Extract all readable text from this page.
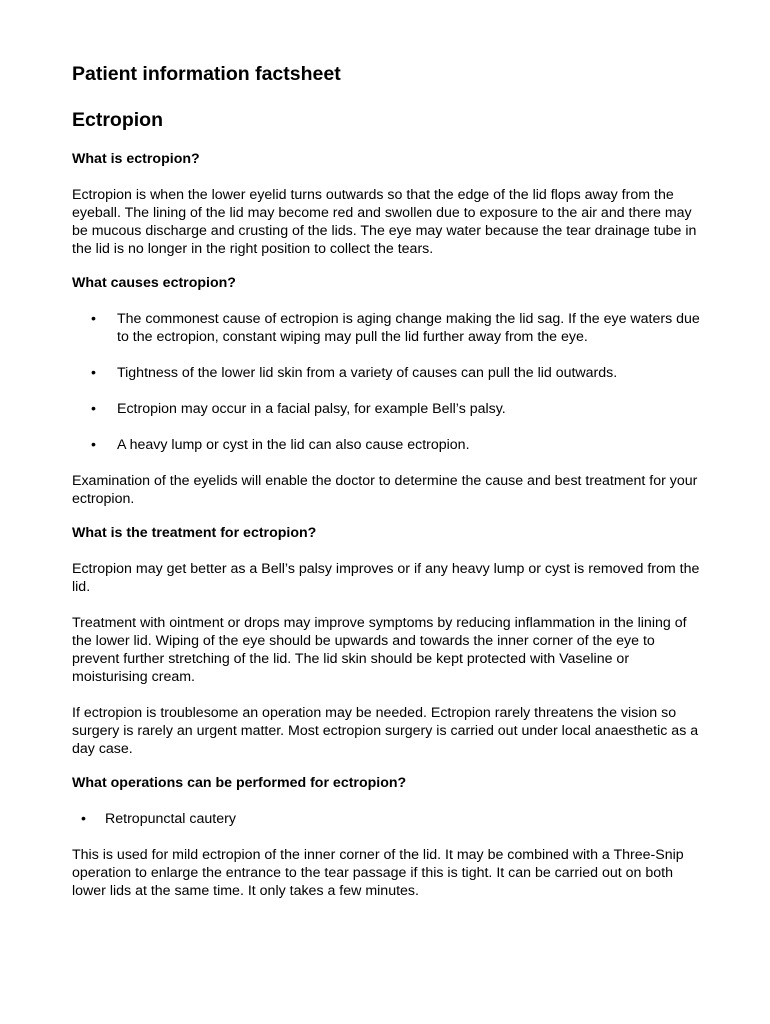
Patient information factsheet
Ectropion
What is ectropion?

Ectropion is when the lower eyelid turns outwards so that the edge of the lid flops away from the eyeball. The lining of the lid may become red and swollen due to exposure to the air and there may be mucous discharge and crusting of the lids. The eye may water because the tear drainage tube in the lid is no longer in the right position to collect the tears.

What causes ectropion?
• The commonest cause of ectropion is aging change making the lid sag. If the eye waters due to the ectropion, constant wiping may pull the lid further away from the eye.
• Tightness of the lower lid skin from a variety of causes can pull the lid outwards.
• Ectropion may occur in a facial palsy, for example Bell’s palsy.
• A heavy lump or cyst in the lid can also cause ectropion.

Examination of the eyelids will enable the doctor to determine the cause and best treatment for your ectropion.

What is the treatment for ectropion?

Ectropion may get better as a Bell’s palsy improves or if any heavy lump or cyst is removed from the lid.

Treatment with ointment or drops may improve symptoms by reducing inflammation in the lining of the lower lid. Wiping of the eye should be upwards and towards the inner corner of the eye to prevent further stretching of the lid. The lid skin should be kept protected with Vaseline or moisturising cream.

If ectropion is troublesome an operation may be needed. Ectropion rarely threatens the vision so surgery is rarely an urgent matter. Most ectropion surgery is carried out under local anaesthetic as a day case.

What operations can be performed for ectropion?
• Retropunctal cautery

This is used for mild ectropion of the inner corner of the lid. It may be combined with a Three-Snip operation to enlarge the entrance to the tear passage if this is tight. It can be carried out on both lower lids at the same time. It only takes a few minutes.
